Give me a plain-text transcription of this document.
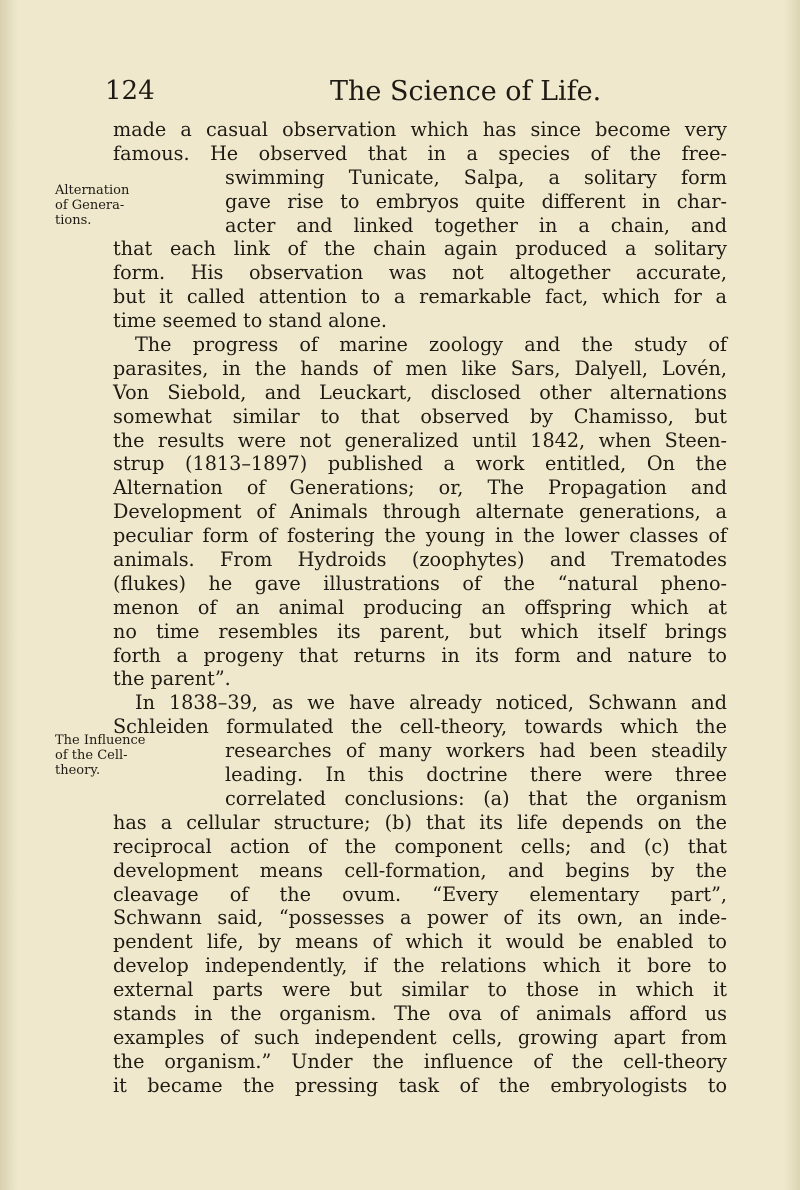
124	The Science of Life.
Alternation
of Genera-
tions.
The Influence
of the Cell-
theory.
made a casual observation which has since become very
famous. He observed that in a species of the free-
swimming Tunicate, Salpa, a solitary form
gave rise to embryos quite different in char-
acter and linked together in a chain, and
that each link of the chain again produced a solitary
form. His observation was not altogether accurate,
but it called attention to a remarkable fact, which for a
time seemed to stand alone.
The progress of marine zoology and the study of
parasites, in the hands of men like Sars, Dalyell, Lovén,
Von Siebold, and Leuckart, disclosed other alternations
somewhat similar to that observed by Chamisso, but
the results were not generalized until 1842, when Steen-
strup (1813–1897) published a work entitled, On the
Alternation of Generations; or, The Propagation and
Development of Animals through alternate generations, a
peculiar form of fostering the young in the lower classes of
animals. From Hydroids (zoophytes) and Trematodes
(flukes) he gave illustrations of the “natural pheno-
menon of an animal producing an offspring which at
no time resembles its parent, but which itself brings
forth a progeny that returns in its form and nature to
the parent”.
In 1838–39, as we have already noticed, Schwann and
Schleiden formulated the cell-theory, towards which the
researches of many workers had been steadily
leading. In this doctrine there were three
correlated conclusions: (a) that the organism
has a cellular structure; (b) that its life depends on the
reciprocal action of the component cells; and (c) that
development means cell-formation, and begins by the
cleavage of the ovum. “Every elementary part”,
Schwann said, “possesses a power of its own, an inde-
pendent life, by means of which it would be enabled to
develop independently, if the relations which it bore to
external parts were but similar to those in which it
stands in the organism. The ova of animals afford us
examples of such independent cells, growing apart from
the organism.” Under the influence of the cell-theory
it became the pressing task of the embryologists to
